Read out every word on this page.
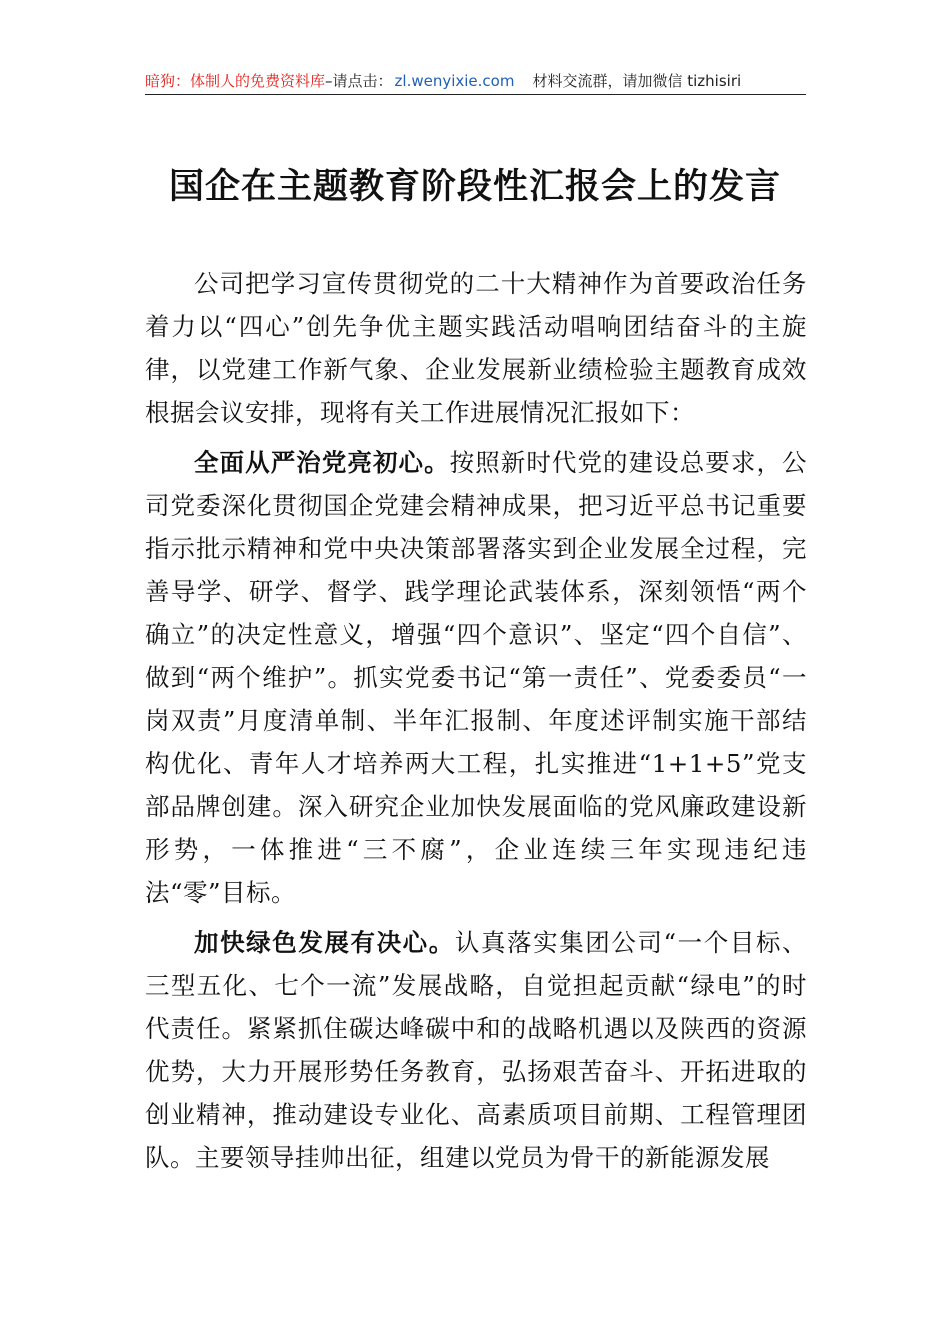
暗狗：体制人的免费资料库–请点击： zl.wenyixie.com 材料交流群，请加微信 tizhisiri
国企在主题教育阶段性汇报会上的发言

公司把学习宣传贯彻党的二十大精神作为首要政治任务着力以“四心”创先争优主题实践活动唱响团结奋斗的主旋律，以党建工作新气象、企业发展新业绩检验主题教育成效根据会议安排，现将有关工作进展情况汇报如下：

全面从严治党亮初心。按照新时代党的建设总要求，公司党委深化贯彻国企党建会精神成果，把习近平总书记重要指示批示精神和党中央决策部署落实到企业发展全过程，完善导学、研学、督学、践学理论武装体系，深刻领悟“两个确立”的决定性意义，增强“四个意识”、坚定“四个自信”、做到“两个维护”。抓实党委书记“第一责任”、党委委员“一岗双责”月度清单制、半年汇报制、年度述评制实施干部结构优化、青年人才培养两大工程，扎实推进“1+1+5”党支部品牌创建。深入研究企业加快发展面临的党风廉政建设新形势，一体推进“三不腐”，企业连续三年实现违纪违法“零”目标。

加快绿色发展有决心。认真落实集团公司“一个目标、三型五化、七个一流”发展战略，自觉担起贡献“绿电”的时代责任。紧紧抓住碳达峰碳中和的战略机遇以及陕西的资源优势，大力开展形势任务教育，弘扬艰苦奋斗、开拓进取的创业精神，推动建设专业化、高素质项目前期、工程管理团队。主要领导挂帅出征，组建以党员为骨干的新能源发展
